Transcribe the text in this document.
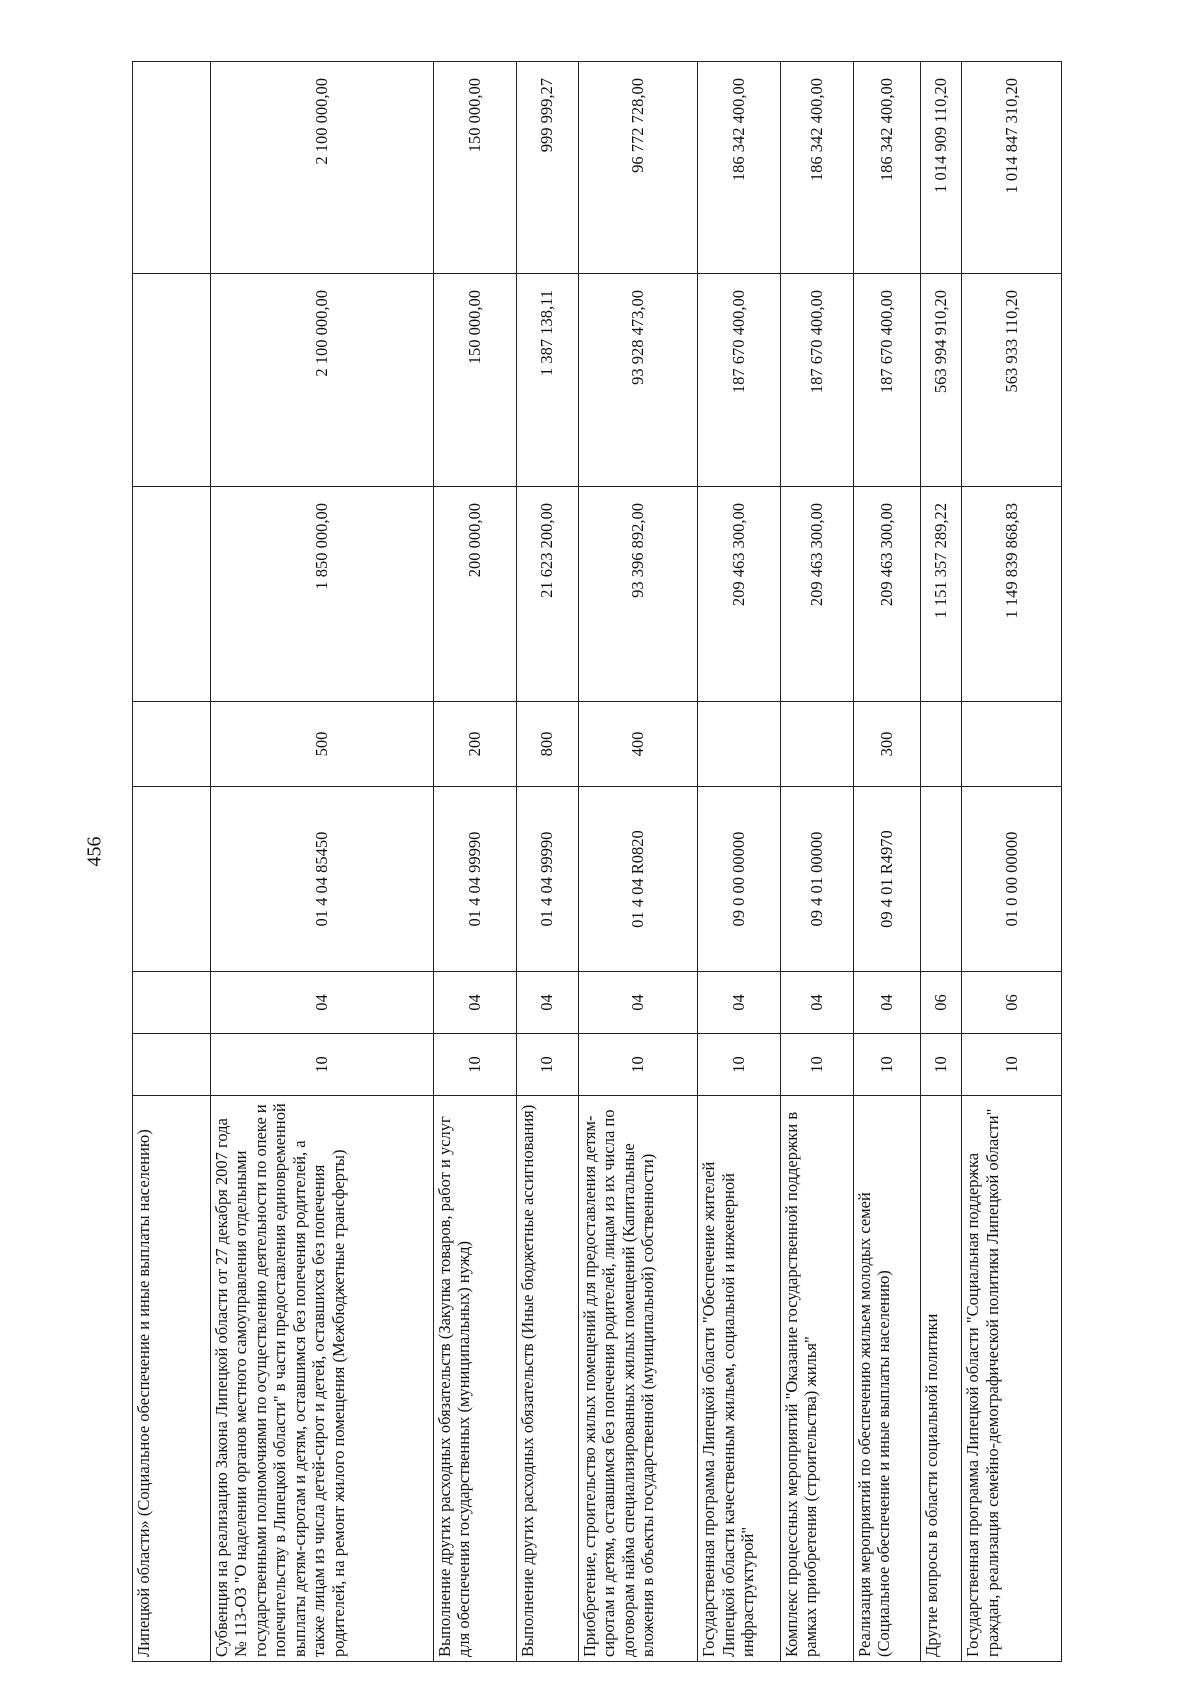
456
Липецкой области» (Социальное обеспечение и иные выплаты населению)							
Субвенция на реализацию Закона Липецкой области от 27 декабря 2007 года № 113-ОЗ "О наделении органов местного самоуправления отдельными государственными полномочиями по осуществлению деятельности по опеке и попечительству в Липецкой области" в части предоставления единовременной выплаты детям-сиротам и детям, оставшимся без попечения родителей, а также лицам из числа детей-сирот и детей, оставшихся без попечения родителей, на ремонт жилого помещения (Межбюджетные трансферты)	10	04	01 4 04 85450	500	1 850 000,00	2 100 000,00	2 100 000,00
Выполнение других расходных обязательств (Закупка товаров, работ и услуг для обеспечения государственных (муниципальных) нужд)	10	04	01 4 04 99990	200	200 000,00	150 000,00	150 000,00
Выполнение других расходных обязательств (Иные бюджетные ассигнования)	10	04	01 4 04 99990	800	21 623 200,00	1 387 138,11	999 999,27
Приобретение, строительство жилых помещений для предоставления детям-сиротам и детям, оставшимся без попечения родителей, лицам из их числа по договорам найма специализированных жилых помещений (Капитальные вложения в объекты государственной (муниципальной) собственности)	10	04	01 4 04 R0820	400	93 396 892,00	93 928 473,00	96 772 728,00
Государственная программа Липецкой области "Обеспечение жителей Липецкой области качественным жильем, социальной и инженерной инфраструктурой"	10	04	09 0 00 00000		209 463 300,00	187 670 400,00	186 342 400,00
Комплекс процессных мероприятий "Оказание государственной поддержки в рамках приобретения (строительства) жилья"	10	04	09 4 01 00000		209 463 300,00	187 670 400,00	186 342 400,00
Реализация мероприятий по обеспечению жильем молодых семей (Социальное обеспечение и иные выплаты населению)	10	04	09 4 01 R4970	300	209 463 300,00	187 670 400,00	186 342 400,00
Другие вопросы в области социальной политики	10	06			1 151 357 289,22	563 994 910,20	1 014 909 110,20
Государственная программа Липецкой области "Социальная поддержка граждан, реализация семейно-демографической политики Липецкой области"	10	06	01 0 00 00000		1 149 839 868,83	563 933 110,20	1 014 847 310,20
